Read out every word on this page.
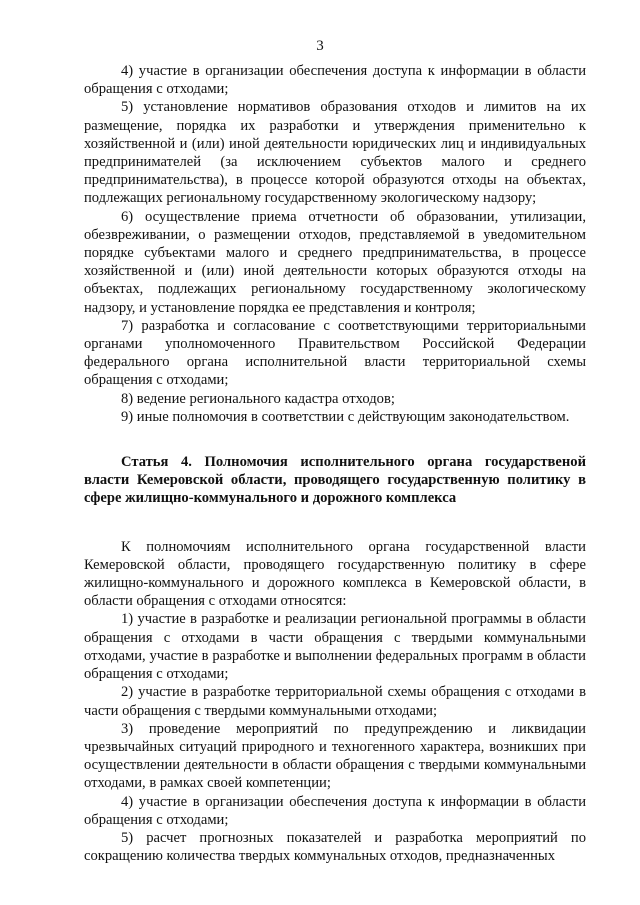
3

4) участие в организации обеспечения доступа к информации в области обращения с отходами;

5) установление нормативов образования отходов и лимитов на их размещение, порядка их разработки и утверждения применительно к хозяйственной и (или) иной деятельности юридических лиц и индивидуальных предпринимателей (за исключением субъектов малого и среднего предпринимательства), в процессе которой образуются отходы на объектах, подлежащих региональному государственному экологическому надзору;

6) осуществление приема отчетности об образовании, утилизации, обезвреживании, о размещении отходов, представляемой в уведомительном порядке субъектами малого и среднего предпринимательства, в процессе хозяйственной и (или) иной деятельности которых образуются отходы на объектах, подлежащих региональному государственному экологическому надзору, и установление порядка ее представления и контроля;

7) разработка и согласование с соответствующими территориальными органами уполномоченного Правительством Российской Федерации федерального органа исполнительной власти территориальной схемы обращения с отходами;

8) ведение регионального кадастра отходов;

9) иные полномочия в соответствии с действующим законодательством.

Статья 4. Полномочия исполнительного органа государственой власти Кемеровской области, проводящего государственную политику в сфере жилищно-коммунального и дорожного комплекса

К полномочиям исполнительного органа государственной власти Кемеровской области, проводящего государственную политику в сфере жилищно-коммунального и дорожного комплекса в Кемеровской области, в области обращения с отходами относятся:

1) участие в разработке и реализации региональной программы в области обращения с отходами в части обращения с твердыми коммунальными отходами, участие в разработке и выполнении федеральных программ в области обращения с отходами;

2) участие в разработке территориальной схемы обращения с отходами в части обращения с твердыми коммунальными отходами;

3) проведение мероприятий по предупреждению и ликвидации чрезвычайных ситуаций природного и техногенного характера, возникших при осуществлении деятельности в области обращения с твердыми коммунальными отходами, в рамках своей компетенции;

4) участие в организации обеспечения доступа к информации в области обращения с отходами;

5) расчет прогнозных показателей и разработка мероприятий по сокращению количества твердых коммунальных отходов, предназначенных
